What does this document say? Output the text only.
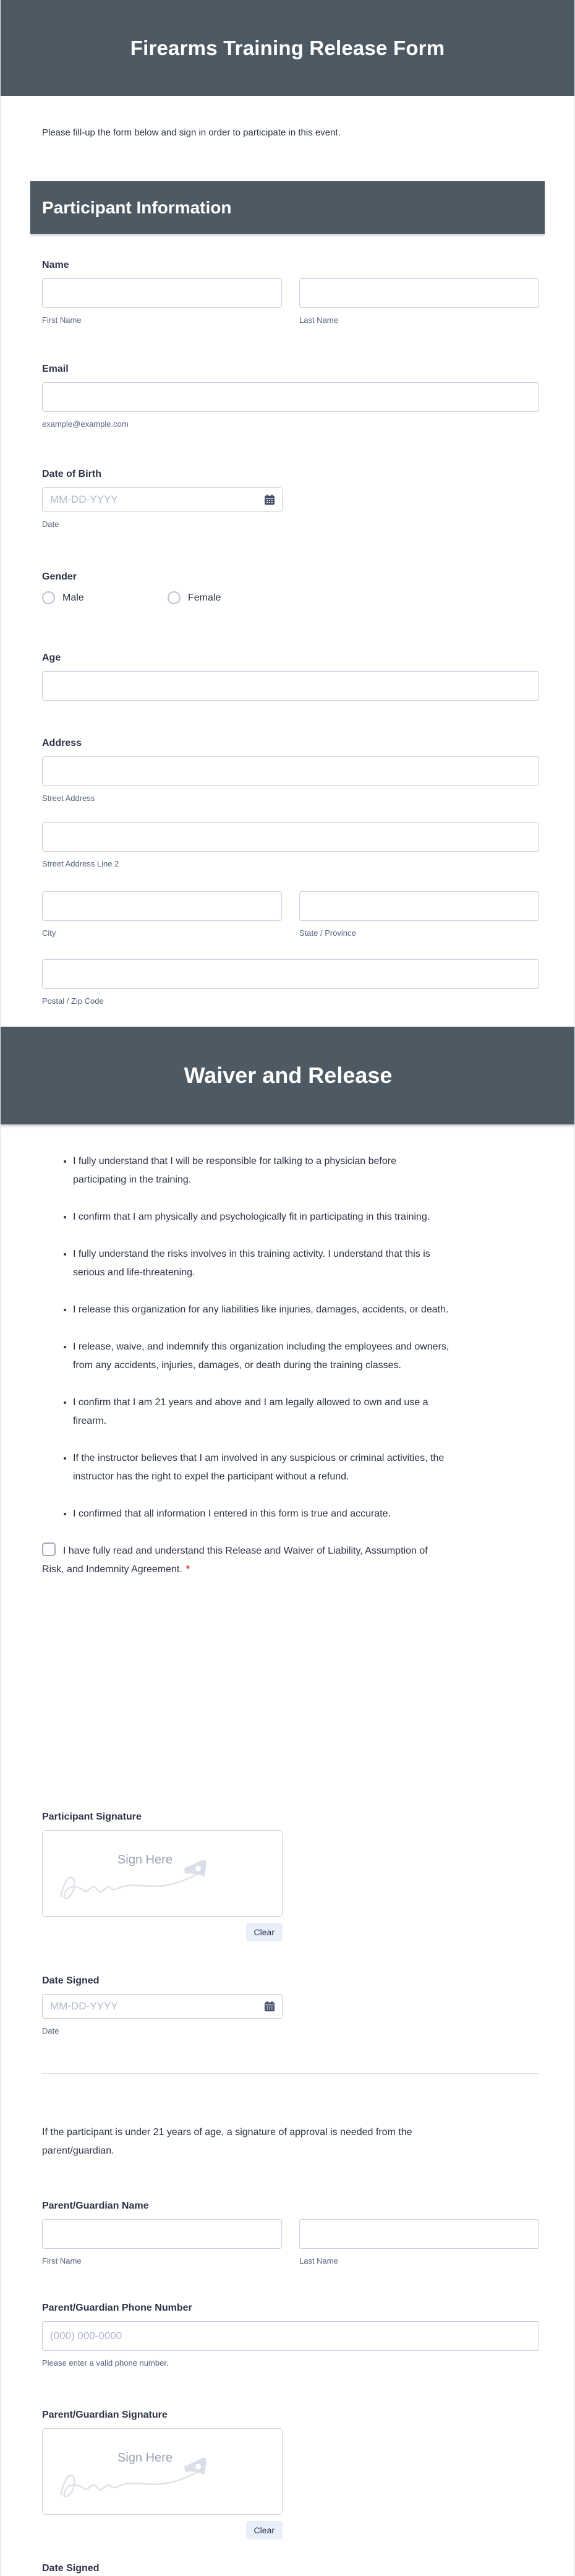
Firearms Training Release Form
Please fill-up the form below and sign in order to participate in this event.
Participant Information
Name
First Name	Last Name
Email
example@example.com
Date of Birth
MM-DD-YYYY
Date
Gender
Male	Female
Age
Address
Street Address
Street Address Line 2
City	State / Province
Postal / Zip Code
Waiver and Release
• I fully understand that I will be responsible for talking to a physician before
participating in the training.
• I confirm that I am physically and psychologically fit in participating in this training.
• I fully understand the risks involves in this training activity. I understand that this is
serious and life-threatening.
• I release this organization for any liabilities like injuries, damages, accidents, or death.
• I release, waive, and indemnify this organization including the employees and owners,
from any accidents, injuries, damages, or death during the training classes.
• I confirm that I am 21 years and above and I am legally allowed to own and use a
firearm.
• If the instructor believes that I am involved in any suspicious or criminal activities, the
instructor has the right to expel the participant without a refund.
• I confirmed that all information I entered in this form is true and accurate.
I have fully read and understand this Release and Waiver of Liability, Assumption of Risk, and Indemnity Agreement. *
Participant Signature
Sign Here
Clear
Date Signed
MM-DD-YYYY
Date
If the participant is under 21 years of age, a signature of approval is needed from the
parent/guardian.
Parent/Guardian Name
First Name	Last Name
Parent/Guardian Phone Number
(000) 000-0000
Please enter a valid phone number.
Parent/Guardian Signature
Sign Here
Clear
Date Signed
